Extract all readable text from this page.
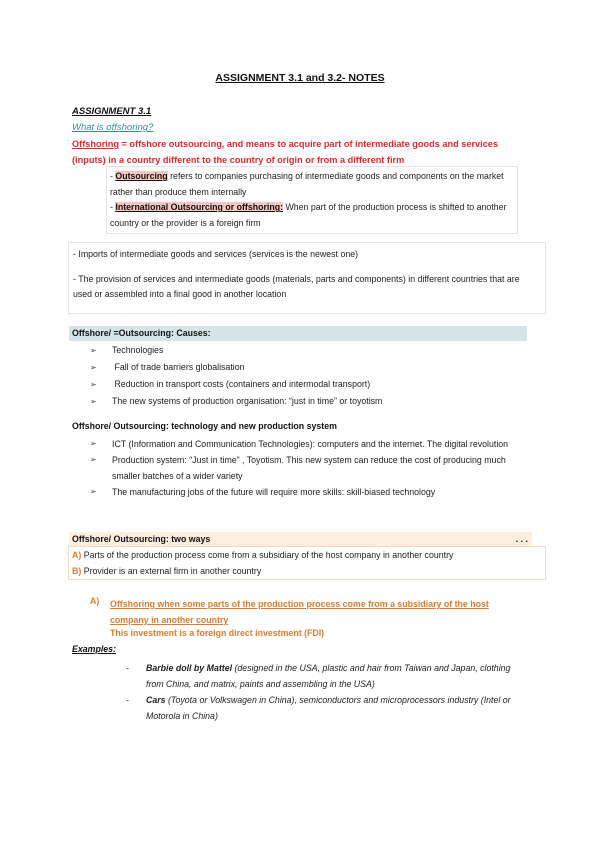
ASSIGNMENT 3.1 and 3.2- NOTES
ASSIGNMENT 3.1
What is offshoring?
Offshoring = offshore outsourcing, and means to acquire part of intermediate goods and services (inputs) in a country different to the country of origin or from a different firm
- Outsourcing refers to companies purchasing of intermediate goods and components on the market rather than produce them internally
- International Outsourcing or offshoring: When part of the production process is shifted to another country or the provider is a foreign firm
- Imports of intermediate goods and services (services is the newest one)
- The provision of services and intermediate goods (materials, parts and components) in different countries that are used or assembled into a final good in another location
Offshore/ =Outsourcing: Causes:
➢ Technologies
➢ Fall of trade barriers globalisation
➢ Reduction in transport costs (containers and intermodal transport)
➢ The new systems of production organisation: “just in time” or toyotism
Offshore/ Outsourcing: technology and new production system
➢	ICT (Information and Communication Technologies): computers and the internet. The digital revolution
➢	Production system: “Just in time” , Toyotism. This new system can reduce the cost of producing much smaller batches of a wider variety
➢	The manufacturing jobs of the future will require more skills: skill-biased technology
Offshore/ Outsourcing: two ways	. . .
A) Parts of the production process come from a subsidiary of the host company in another country
B) Provider is an external firm in another country
A) Offshoring when some parts of the production process come from a subsidiary of the host company in another country
This investment is a foreign direct investment (FDI)
Examples:
-	Barbie doll by Mattel (designed in the USA, plastic and hair from Taiwan and Japan, clothing from China, and matrix, paints and assembling in the USA)
-	Cars (Toyota or Volkswagen in China), semiconductors and microprocessors industry (Intel or Motorola in China)
